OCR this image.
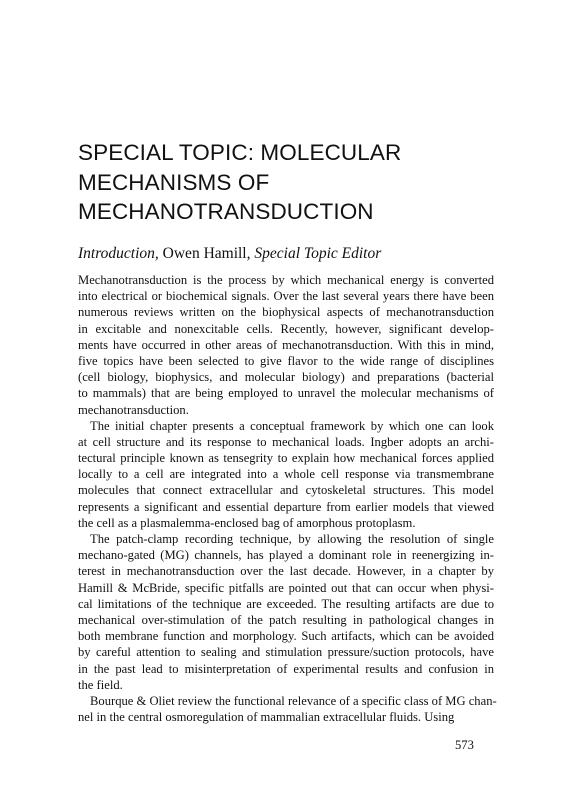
SPECIAL TOPIC: MOLECULAR
MECHANISMS OF
MECHANOTRANSDUCTION

Introduction, Owen Hamill, Special Topic Editor

Mechanotransduction is the process by which mechanical energy is converted
into electrical or biochemical signals. Over the last several years there have been
numerous reviews written on the biophysical aspects of mechanotransduction
in excitable and nonexcitable cells. Recently, however, significant develop-
ments have occurred in other areas of mechanotransduction. With this in mind,
five topics have been selected to give flavor to the wide range of disciplines
(cell biology, biophysics, and molecular biology) and preparations (bacterial
to mammals) that are being employed to unravel the molecular mechanisms of
mechanotransduction.
The initial chapter presents a conceptual framework by which one can look
at cell structure and its response to mechanical loads. Ingber adopts an archi-
tectural principle known as tensegrity to explain how mechanical forces applied
locally to a cell are integrated into a whole cell response via transmembrane
molecules that connect extracellular and cytoskeletal structures. This model
represents a significant and essential departure from earlier models that viewed
the cell as a plasmalemma-enclosed bag of amorphous protoplasm.
The patch-clamp recording technique, by allowing the resolution of single
mechano-gated (MG) channels, has played a dominant role in reenergizing in-
terest in mechanotransduction over the last decade. However, in a chapter by
Hamill & McBride, specific pitfalls are pointed out that can occur when physi-
cal limitations of the technique are exceeded. The resulting artifacts are due to
mechanical over-stimulation of the patch resulting in pathological changes in
both membrane function and morphology. Such artifacts, which can be avoided
by careful attention to sealing and stimulation pressure/suction protocols, have
in the past lead to misinterpretation of experimental results and confusion in
the field.
Bourque & Oliet review the functional relevance of a specific class of MG chan-
nel in the central osmoregulation of mammalian extracellular fluids. Using

573
